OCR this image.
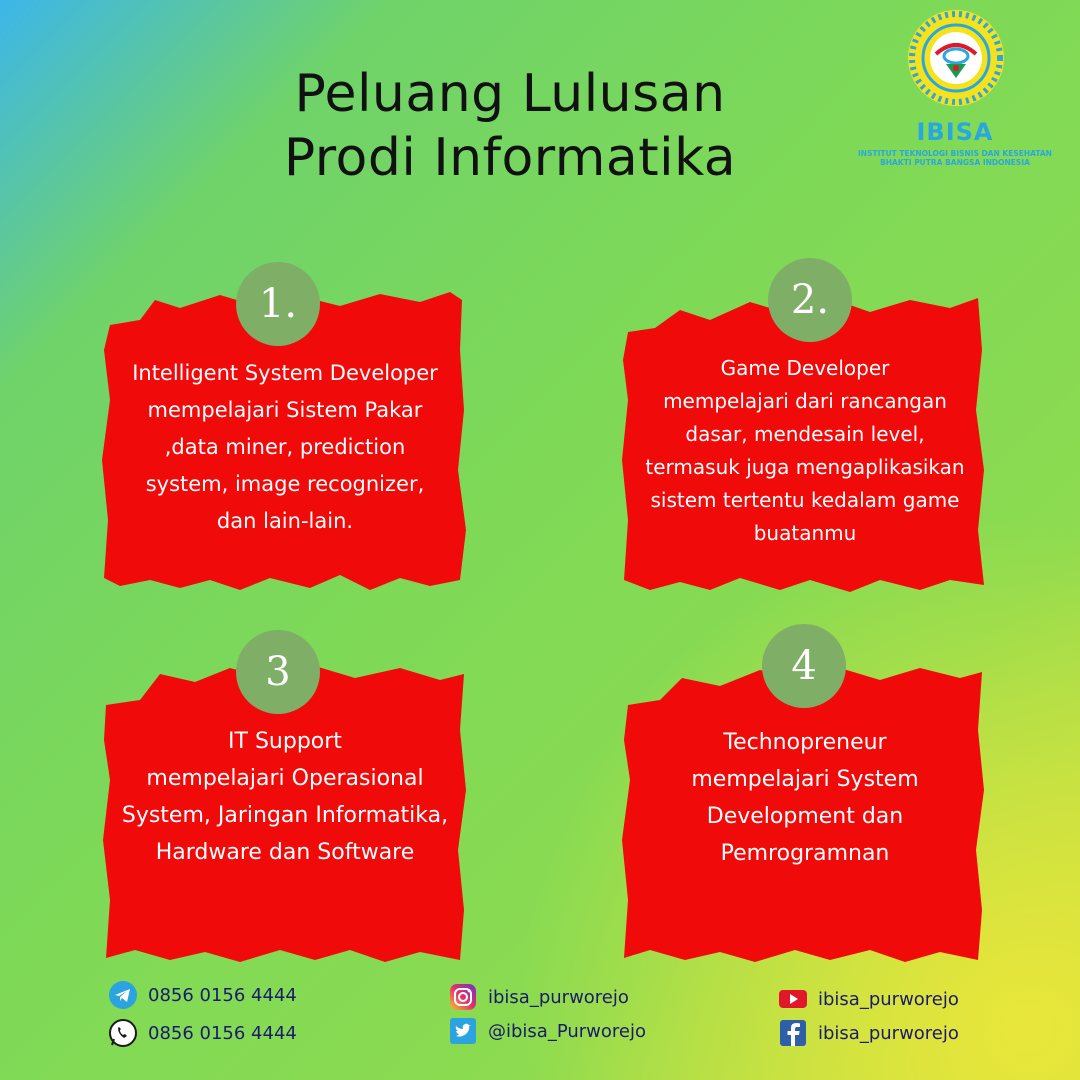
Peluang Lulusan
Prodi Informatika	IBISA
INSTITUT TEKNOLOGI BISNIS DAN KESEHATAN
BHAKTI PUTRA BANGSA INDONESIA
1.
Intelligent System Developer
mempelajari Sistem Pakar
,data miner, prediction
system, image recognizer,
dan lain-lain.
2.
Game Developer
mempelajari dari rancangan
dasar, mendesain level,
termasuk juga mengaplikasikan
sistem tertentu kedalam game
buatanmu
3
IT Support
mempelajari Operasional
System, Jaringan Informatika,
Hardware dan Software
4
Technopreneur
mempelajari System
Development dan
Pemrogramnan
0856 0156 4444
0856 0156 4444
ibisa_purworejo
@ibisa_Purworejo
ibisa_purworejo
ibisa_purworejo
